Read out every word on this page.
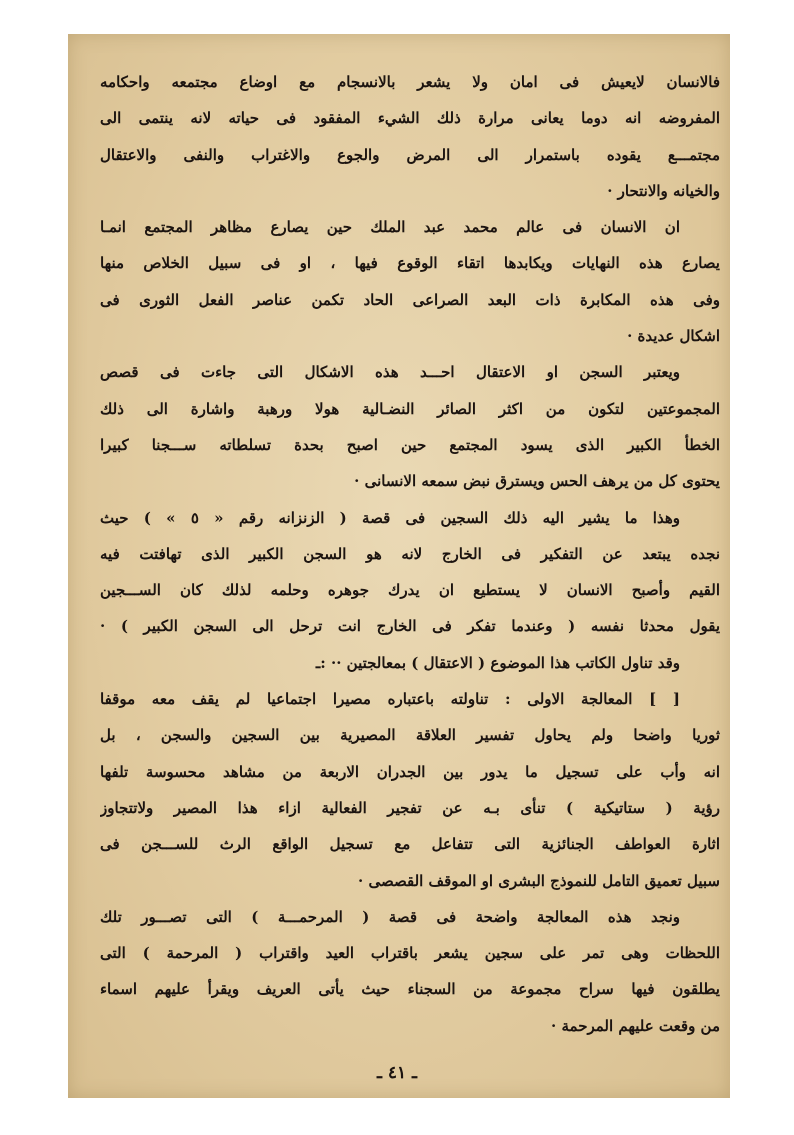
فالانسان لايعيش فى امان ولا يشعر بالانسجام مع اوضاع مجتمعه واحكامه
المفروضه انه دوما يعانى مرارة ذلك الشيء المفقود فى حياته لانه ينتمى الى
مجتمـــع يقوده باستمرار الى المرض والجوع والاغتراب والنفى والاعتقال
والخيانه والانتحار ·
ان الانسان فى عالم محمد عبد الملك حين يصارع مظاهر المجتمع انمـا
يصارع هذه النهايات ويكابدها اتقاء الوقوع فيها ، او فى سبيل الخلاص منها
وفى هذه المكابرة ذات البعد الصراعى الحاد تكمن عناصر الفعل الثورى فى
اشكال عديدة ·
ويعتبر السجن او الاعتقال احـــد هذه الاشكال التى جاءت فى قصص
المجموعتين لتكون من اكثر الصائر النضـالية هولا ورهبة واشارة الى ذلك
الخطأ الكبير الذى يسود المجتمع حين اصبح بحدة تسلطاته ســـجنا كبيرا
يحتوى كل من يرهف الحس ويسترق نبض سمعه الانسانى ·
وهذا ما يشير اليه ذلك السجين فى قصة ( الزنزانه رقم « ٥ » ) حيث
نجده يبتعد عن التفكير فى الخارج لانه هو السجن الكبير الذى تهافتت فيه
القيم وأصبح الانسان لا يستطيع ان يدرك جوهره وحلمه لذلك كان الســـجين
يقول محدثا نفسه ( وعندما تفكر فى الخارج انت ترحل الى السجن الكبير ) ·
وقد تناول الكاتب هذا الموضوع ( الاعتقال ) بمعالجتين ·· :ـ
[ ] المعالجة الاولى : تناولته باعتباره مصيرا اجتماعيا لم يقف معه موقفا
ثوريا واضحا ولم يحاول تفسير العلاقة المصيرية بين السجين والسجن ، بل
انه وأب على تسجيل ما يدور بين الجدران الاربعة من مشاهد محسوسة تلفها
رؤية ( ستاتيكية ) تنأى بـه عن تفجير الفعالية ازاء هذا المصير ولاتتجاوز
اثارة العواطف الجنائزية التى تتفاعل مع تسجيل الواقع الرث للســـجن فى
سبيل تعميق التامل للنموذج البشرى او الموقف القصصى ·
ونجد هذه المعالجة واضحة فى قصة ( المرحمـــة ) التى تصـــور تلك
اللحظات وهى تمر على سجين يشعر باقتراب العيد واقتراب ( المرحمة ) التى
يطلقون فيها سراح مجموعة من السجناء حيث يأتى العريف ويقرأ عليهم اسماء
من وقعت عليهم المرحمة ·
ـ ٤١ ـ
